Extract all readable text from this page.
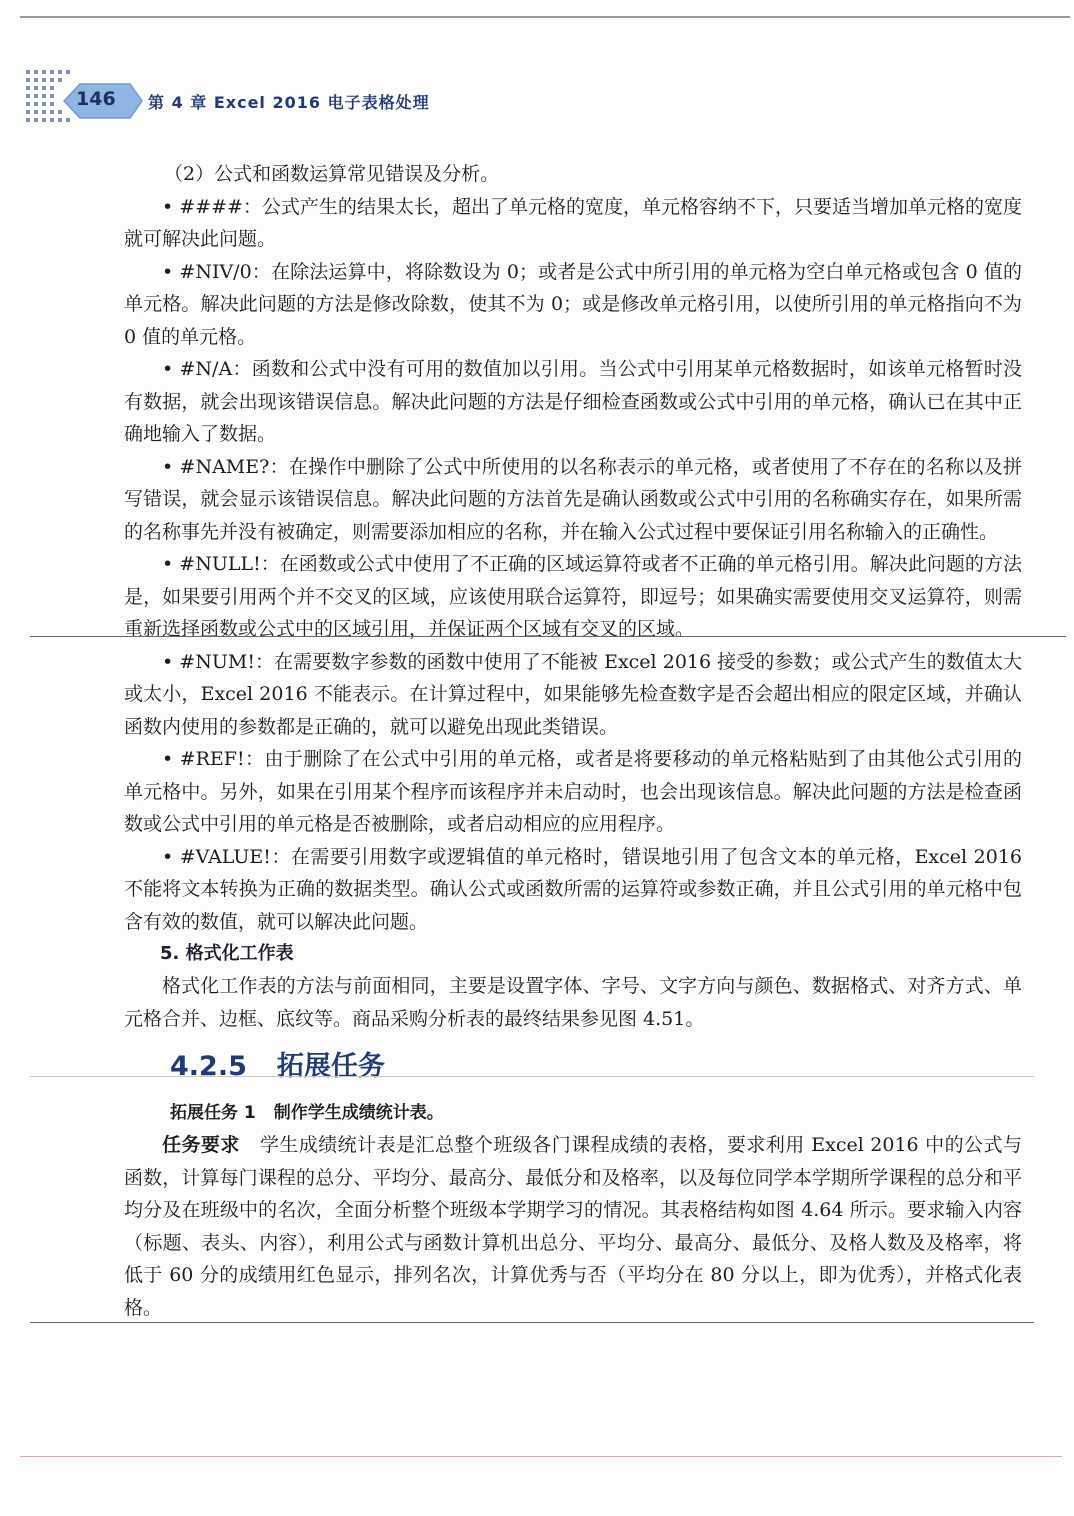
146	第 4 章 Excel 2016 电子表格处理

（2）公式和函数运算常见错误及分析。

• ####：公式产生的结果太长，超出了单元格的宽度，单元格容纳不下，只要适当增加单元格的宽度就可解决此问题。

• #NIV/0：在除法运算中，将除数设为 0；或者是公式中所引用的单元格为空白单元格或包含 0 值的单元格。解决此问题的方法是修改除数，使其不为 0；或是修改单元格引用，以使所引用的单元格指向不为 0 值的单元格。

• #N/A：函数和公式中没有可用的数值加以引用。当公式中引用某单元格数据时，如该单元格暂时没有数据，就会出现该错误信息。解决此问题的方法是仔细检查函数或公式中引用的单元格，确认已在其中正确地输入了数据。

• #NAME?：在操作中删除了公式中所使用的以名称表示的单元格，或者使用了不存在的名称以及拼写错误，就会显示该错误信息。解决此问题的方法首先是确认函数或公式中引用的名称确实存在，如果所需的名称事先并没有被确定，则需要添加相应的名称，并在输入公式过程中要保证引用名称输入的正确性。

• #NULL!：在函数或公式中使用了不正确的区域运算符或者不正确的单元格引用。解决此问题的方法是，如果要引用两个并不交叉的区域，应该使用联合运算符，即逗号；如果确实需要使用交叉运算符，则需重新选择函数或公式中的区域引用，并保证两个区域有交叉的区域。

• #NUM!：在需要数字参数的函数中使用了不能被 Excel 2016 接受的参数；或公式产生的数值太大或太小，Excel 2016 不能表示。在计算过程中，如果能够先检查数字是否会超出相应的限定区域，并确认函数内使用的参数都是正确的，就可以避免出现此类错误。

• #REF!：由于删除了在公式中引用的单元格，或者是将要移动的单元格粘贴到了由其他公式引用的单元格中。另外，如果在引用某个程序而该程序并未启动时，也会出现该信息。解决此问题的方法是检查函数或公式中引用的单元格是否被删除，或者启动相应的应用程序。

• #VALUE!：在需要引用数字或逻辑值的单元格时，错误地引用了包含文本的单元格，Excel 2016 不能将文本转换为正确的数据类型。确认公式或函数所需的运算符或参数正确，并且公式引用的单元格中包含有效的数值，就可以解决此问题。

5. 格式化工作表

格式化工作表的方法与前面相同，主要是设置字体、字号、文字方向与颜色、数据格式、对齐方式、单元格合并、边框、底纹等。商品采购分析表的最终结果参见图 4.51。

4.2.5 拓展任务

拓展任务 1 制作学生成绩统计表。

任务要求 学生成绩统计表是汇总整个班级各门课程成绩的表格，要求利用 Excel 2016 中的公式与函数，计算每门课程的总分、平均分、最高分、最低分和及格率，以及每位同学本学期所学课程的总分和平均分及在班级中的名次，全面分析整个班级本学期学习的情况。其表格结构如图 4.64 所示。要求输入内容（标题、表头、内容），利用公式与函数计算机出总分、平均分、最高分、最低分、及格人数及及格率，将低于 60 分的成绩用红色显示，排列名次，计算优秀与否（平均分在 80 分以上，即为优秀），并格式化表格。
